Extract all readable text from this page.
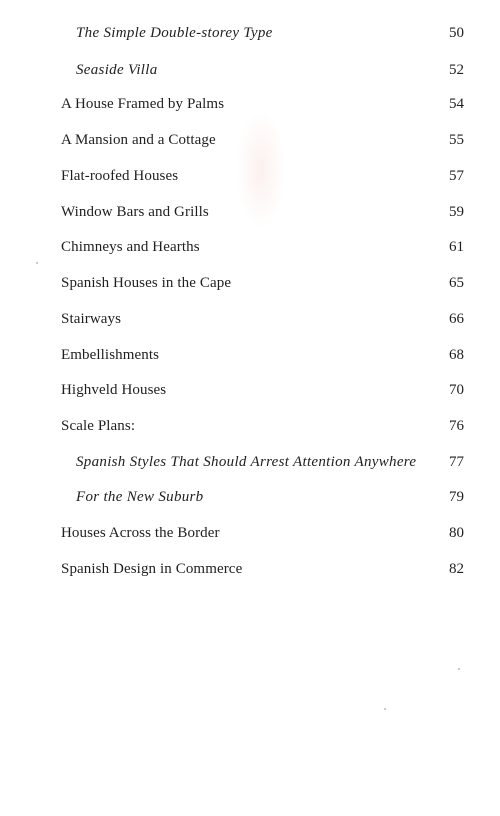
The Simple Double-storey Type	50
Seaside Villa	52
A House Framed by Palms	54
A Mansion and a Cottage	55
Flat-roofed Houses	57
Window Bars and Grills	59
Chimneys and Hearths	61
Spanish Houses in the Cape	65
Stairways	66
Embellishments	68
Highveld Houses	70
Scale Plans:	76
Spanish Styles That Should Arrest Attention Anywhere 77
For the New Suburb	79
Houses Across the Border	80
Spanish Design in Commerce	82
